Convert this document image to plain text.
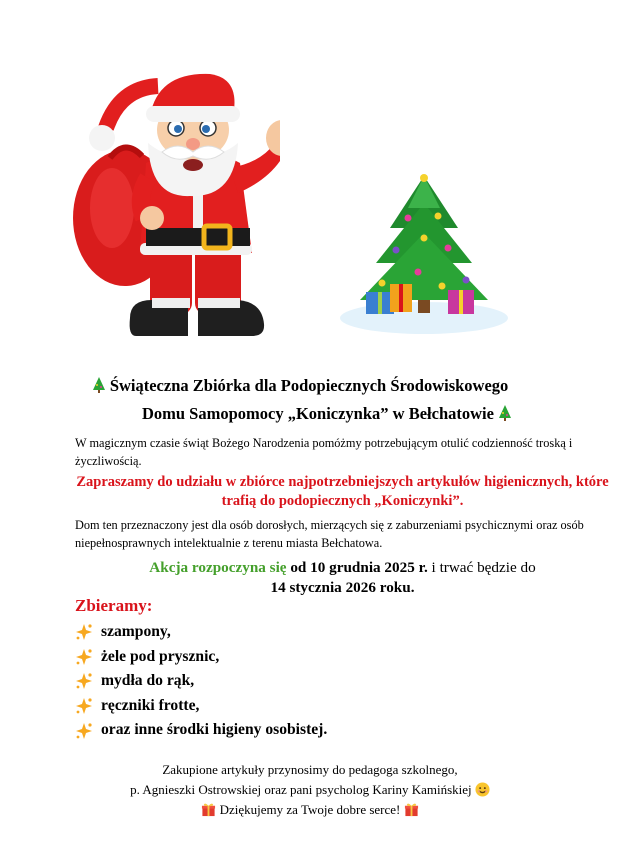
Świąteczna Zbiórka dla Podopiecznych Środowiskowego
Domu Samopomocy „Koniczynka” w Bełchatowie
W magicznym czasie świąt Bożego Narodzenia pomóżmy potrzebującym otulić codzienność troską i życzliwością.
Zapraszamy do udziału w zbiórce najpotrzebniejszych artykułów higienicznych, które trafią do podopiecznych „Koniczynki”.
Dom ten przeznaczony jest dla osób dorosłych, mierzących się z zaburzeniami psychicznymi oraz osób niepełnosprawnych intelektualnie z terenu miasta Bełchatowa.
Akcja rozpoczyna się od 10 grudnia 2025 r. i trwać będzie do
14 stycznia 2026 roku.
Zbieramy:
szampony,
żele pod prysznic,
mydła do rąk,
ręczniki frotte,
oraz inne środki higieny osobistej.
Zakupione artykuły przynosimy do pedagoga szkolnego,
p. Agnieszki Ostrowskiej oraz pani psycholog Kariny Kamińskiej
Dziękujemy za Twoje dobre serce!
